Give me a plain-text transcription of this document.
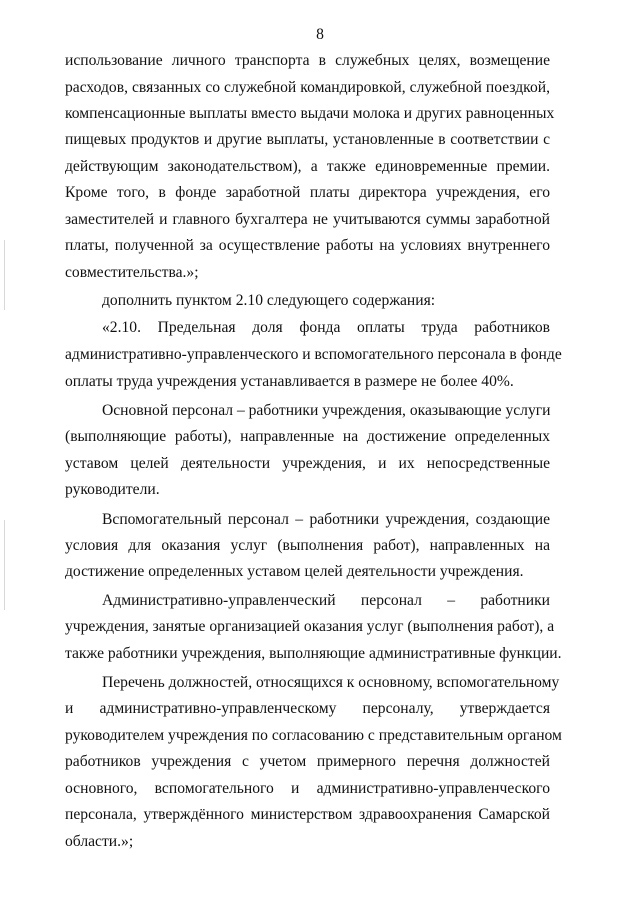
8
использование личного транспорта в служебных целях, возмещение
расходов, связанных со служебной командировкой, служебной поездкой,
компенсационные выплаты вместо выдачи молока и других равноценных
пищевых продуктов и другие выплаты, установленные в соответствии с
действующим законодательством), а также единовременные премии.
Кроме того, в фонде заработной платы директора учреждения, его
заместителей и главного бухгалтера не учитываются суммы заработной
платы, полученной за осуществление работы на условиях внутреннего
совместительства.»;
дополнить пунктом 2.10 следующего содержания:
«2.10. Предельная доля фонда оплаты труда работников
административно-управленческого и вспомогательного персонала в фонде
оплаты труда учреждения устанавливается в размере не более 40%.
Основной персонал – работники учреждения, оказывающие услуги
(выполняющие работы), направленные на достижение определенных
уставом целей деятельности учреждения, и их непосредственные
руководители.
Вспомогательный персонал – работники учреждения, создающие
условия для оказания услуг (выполнения работ), направленных на
достижение определенных уставом целей деятельности учреждения.
Административно-управленческий персонал – работники
учреждения, занятые организацией оказания услуг (выполнения работ), а
также работники учреждения, выполняющие административные функции.
Перечень должностей, относящихся к основному, вспомогательному
и административно-управленческому персоналу, утверждается
руководителем учреждения по согласованию с представительным органом
работников учреждения с учетом примерного перечня должностей
основного, вспомогательного и административно-управленческого
персонала, утверждённого министерством здравоохранения Самарской
области.»;
